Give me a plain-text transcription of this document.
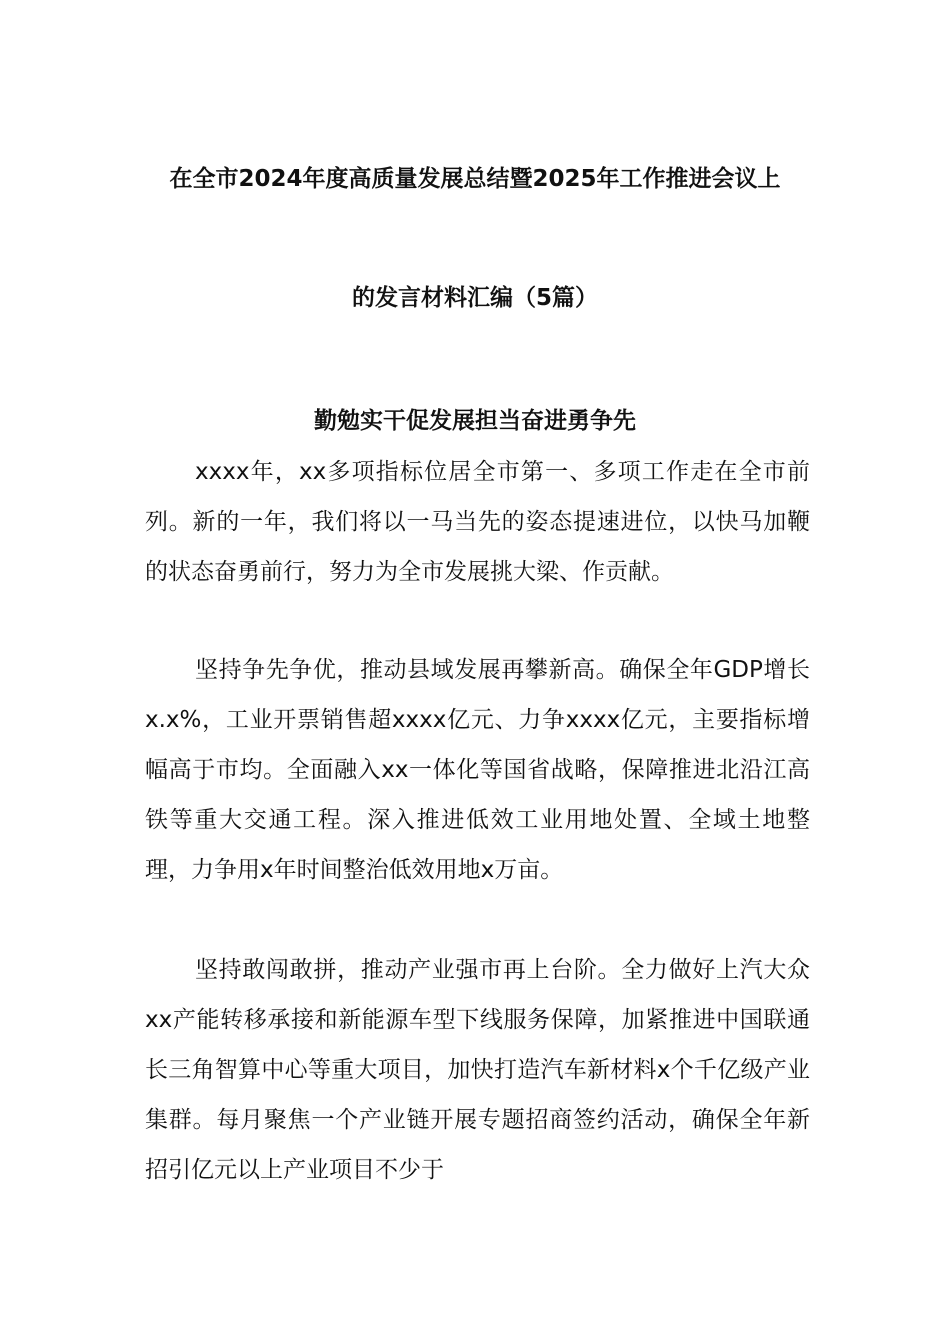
在全市2024年度高质量发展总结暨2025年工作推进会议上
的发言材料汇编（5篇）
勤勉实干促发展担当奋进勇争先

xxxx年，xx多项指标位居全市第一、多项工作走在全市前列。新的一年，我们将以一马当先的姿态提速进位，以快马加鞭的状态奋勇前行，努力为全市发展挑大梁、作贡献。

坚持争先争优，推动县域发展再攀新高。确保全年GDP增长x.x%，工业开票销售超xxxx亿元、力争xxxx亿元，主要指标增幅高于市均。全面融入xx一体化等国省战略，保障推进北沿江高铁等重大交通工程。深入推进低效工业用地处置、全域土地整理，力争用x年时间整治低效用地x万亩。

坚持敢闯敢拼，推动产业强市再上台阶。全力做好上汽大众xx产能转移承接和新能源车型下线服务保障，加紧推进中国联通长三角智算中心等重大项目，加快打造汽车新材料x个千亿级产业集群。每月聚焦一个产业链开展专题招商签约活动，确保全年新招引亿元以上产业项目不少于
